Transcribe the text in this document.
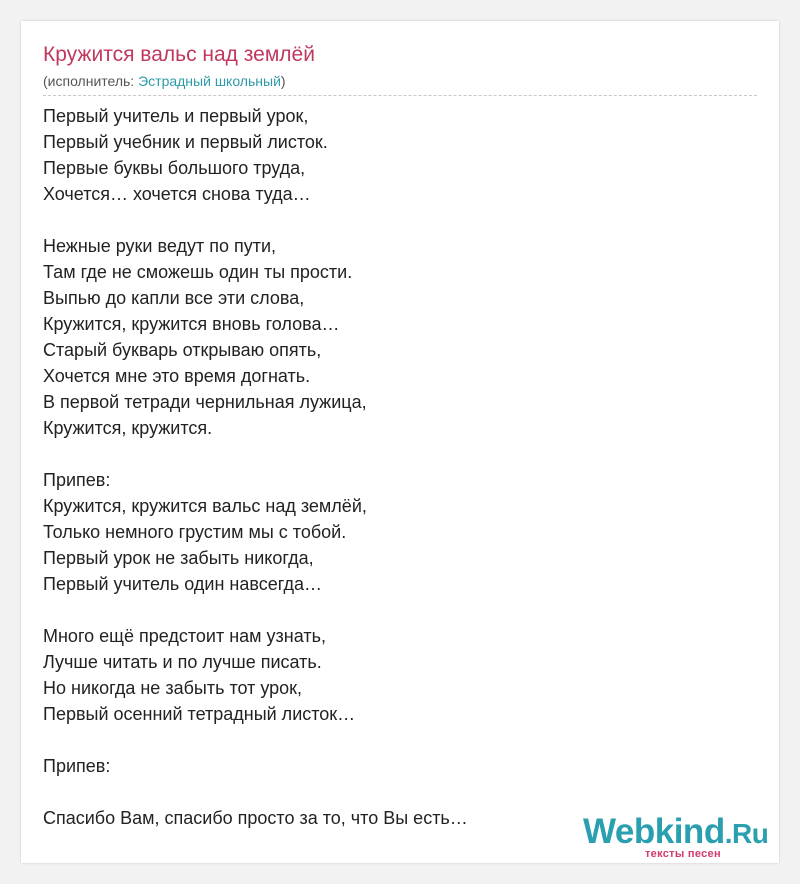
Кружится вальс над землёй
(исполнитель: Эстрадный школьный)
Первый учитель и первый урок,
Первый учебник и первый листок.
Первые буквы большого труда,
Хочется… хочется снова туда…
Нежные руки ведут по пути,
Там где не сможешь один ты прости.
Выпью до капли все эти слова,
Кружится, кружится вновь голова…
Старый букварь открываю опять,
Хочется мне это время догнать.
В первой тетради чернильная лужица,
Кружится, кружится.
Припев:
Кружится, кружится вальс над землёй,
Только немного грустим мы с тобой.
Первый урок не забыть никогда,
Первый учитель один навсегда…
Много ещё предстоит нам узнать,
Лучше читать и по лучше писать.
Но никогда не забыть тот урок,
Первый осенний тетрадный листок…
Припев:
Спасибо Вам, спасибо просто за то, что Вы есть…	Webkind.Ru
тексты песен
